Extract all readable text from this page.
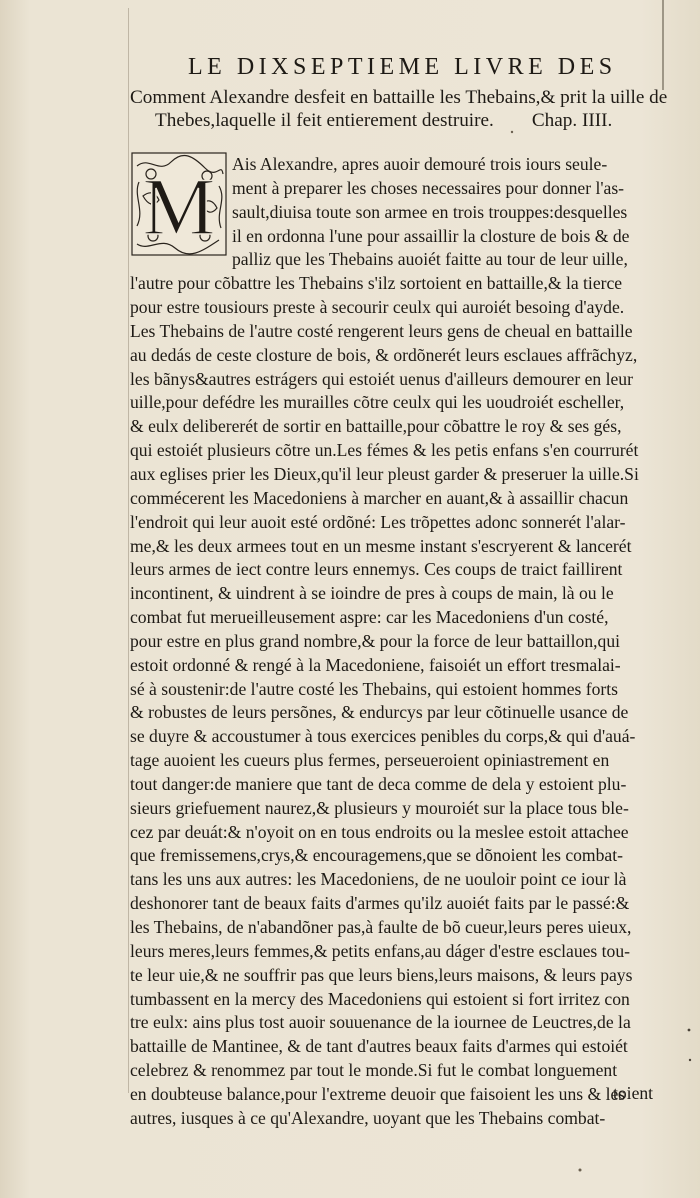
LE DIXSEPTIEME LIVRE DES
Comment Alexandre desfeit en battaille les Thebains,& prit la uille de
Thebes,laquelle il feit entierement destruire. Chap. IIII.
Ais Alexandre, apres auoir demouré trois iours seule-
ment à preparer les choses necessaires pour donner l'as-
sault,diuisa toute son armee en trois trouppes:desquelles
il en ordonna l'une pour assaillir la closture de bois & de
palliz que les Thebains auoiét faitte au tour de leur uille,
l'autre pour cõbattre les Thebains s'ilz sortoient en battaille,& la tierce
pour estre tousiours preste à secourir ceulx qui auroiét besoing d'ayde.
Les Thebains de l'autre costé rengerent leurs gens de cheual en battaille
au dedás de ceste closture de bois, & ordõnerét leurs esclaues affrãchyz,
les bãnys&autres estrágers qui estoiét uenus d'ailleurs demourer en leur
uille,pour defédre les murailles cõtre ceulx qui les uoudroiét escheller,
& eulx delibererét de sortir en battaille,pour cõbattre le roy & ses gés,
qui estoiét plusieurs cõtre un.Les fémes & les petis enfans s'en courrurét
aux eglises prier les Dieux,qu'il leur pleust garder & preseruer la uille.Si
commécerent les Macedoniens à marcher en auant,& à assaillir chacun
l'endroit qui leur auoit esté ordõné: Les trõpettes adonc sonnerét l'alar-
me,& les deux armees tout en un mesme instant s'escryerent & lancerét
leurs armes de iect contre leurs ennemys. Ces coups de traict faillirent
incontinent, & uindrent à se ioindre de pres à coups de main, là ou le
combat fut merueilleusement aspre: car les Macedoniens d'un costé,
pour estre en plus grand nombre,& pour la force de leur battaillon,qui
estoit ordonné & rengé à la Macedoniene, faisoiét un effort tresmalai-
sé à soustenir:de l'autre costé les Thebains, qui estoient hommes forts
& robustes de leurs persõnes, & endurcys par leur cõtinuelle usance de
se duyre & accoustumer à tous exercices penibles du corps,& qui d'auá-
tage auoient les cueurs plus fermes, perseueroient opiniastrement en
tout danger:de maniere que tant de deca comme de dela y estoient plu-
sieurs griefuement naurez,& plusieurs y mouroiét sur la place tous ble-
cez par deuát:& n'oyoit on en tous endroits ou la meslee estoit attachee
que fremissemens,crys,& encouragemens,que se dõnoient les combat-
tans les uns aux autres: les Macedoniens, de ne uouloir point ce iour là
deshonorer tant de beaux faits d'armes qu'ilz auoiét faits par le passé:&
les Thebains, de n'abandõner pas,à faulte de bõ cueur,leurs peres uieux,
leurs meres,leurs femmes,& petits enfans,au dáger d'estre esclaues tou-
te leur uie,& ne souffrir pas que leurs biens,leurs maisons, & leurs pays
tumbassent en la mercy des Macedoniens qui estoient si fort irritez con
tre eulx: ains plus tost auoir souuenance de la iournee de Leuctres,de la
battaille de Mantinee, & de tant d'autres beaux faits d'armes qui estoiét
celebrez & renommez par tout le monde.Si fut le combat longuement
en doubteuse balance,pour l'extreme deuoir que faisoient les uns & les
autres, iusques à ce qu'Alexandre, uoyant que les Thebains combat-
M
toient
